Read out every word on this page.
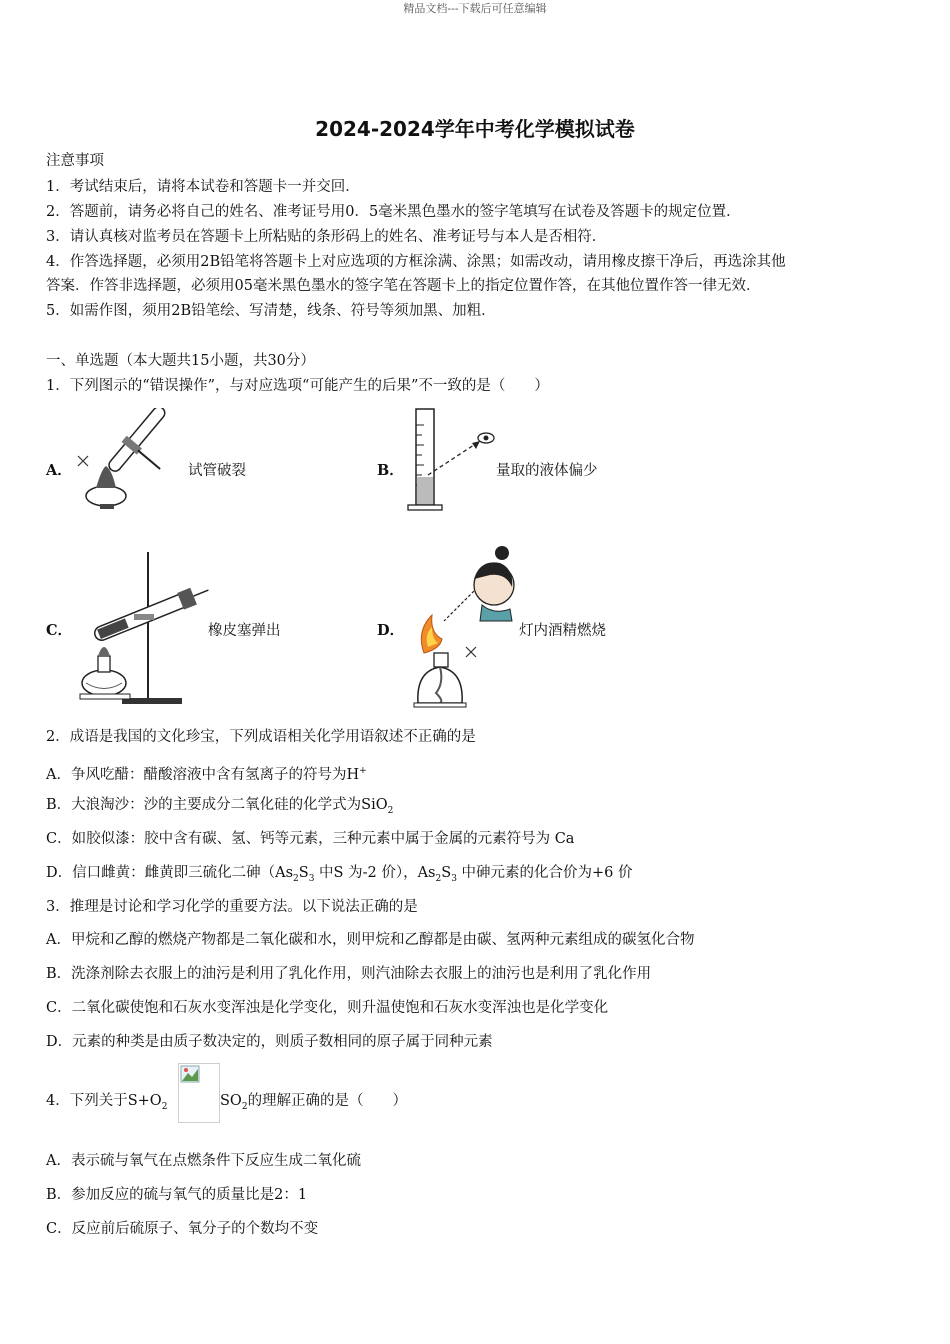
精品文档---下载后可任意编辑
2024-2024学年中考化学模拟试卷
注意事项
1．考试结束后，请将本试卷和答题卡一并交回．
2．答题前，请务必将自己的姓名、准考证号用0．5毫米黑色墨水的签字笔填写在试卷及答题卡的规定位置．
3．请认真核对监考员在答题卡上所粘贴的条形码上的姓名、准考证号与本人是否相符．
4．作答选择题，必须用2B铅笔将答题卡上对应选项的方框涂满、涂黑；如需改动，请用橡皮擦干净后，再选涂其他
答案．作答非选择题，必须用05毫米黑色墨水的签字笔在答题卡上的指定位置作答，在其他位置作答一律无效．
5．如需作图，须用2B铅笔绘、写清楚，线条、符号等须加黑、加粗．
一、单选题（本大题共15小题，共30分）
1．下列图示的“错误操作”，与对应选项“可能产生的后果”不一致的是（　　）
A．	试管破裂	B．	量取的液体偏少
C．	橡皮塞弹出	D．	灯内酒精燃烧
2．成语是我国的文化珍宝，下列成语相关化学用语叙述不正确的是
A．争风吃醋：醋酸溶液中含有氢离子的符号为H+
B．大浪淘沙：沙的主要成分二氧化硅的化学式为SiO$_2$
C．如胶似漆：胶中含有碳、氢、钙等元素，三种元素中属于金属的元素符号为 Ca
D．信口雌黄：雌黄即三硫化二砷（$As_2S_3$ 中S 为-2 价），$As_2S_3$ 中砷元素的化合价为+6 价
3．推理是讨论和学习化学的重要方法。以下说法正确的是
A．甲烷和乙醇的燃烧产物都是二氧化碳和水，则甲烷和乙醇都是由碳、氢两种元素组成的碳氢化合物
B．洗涤剂除去衣服上的油污是利用了乳化作用，则汽油除去衣服上的油污也是利用了乳化作用
C．二氧化碳使饱和石灰水变浑浊是化学变化，则升温使饱和石灰水变浑浊也是化学变化
D．元素的种类是由质子数决定的，则质子数相同的原子属于同种元素
4．下列关于$S+O_2$	$SO_2$的理解正确的是（　　）
A．表示硫与氧气在点燃条件下反应生成二氧化硫
B．参加反应的硫与氧气的质量比是2：1
C．反应前后硫原子、氧分子的个数均不变
